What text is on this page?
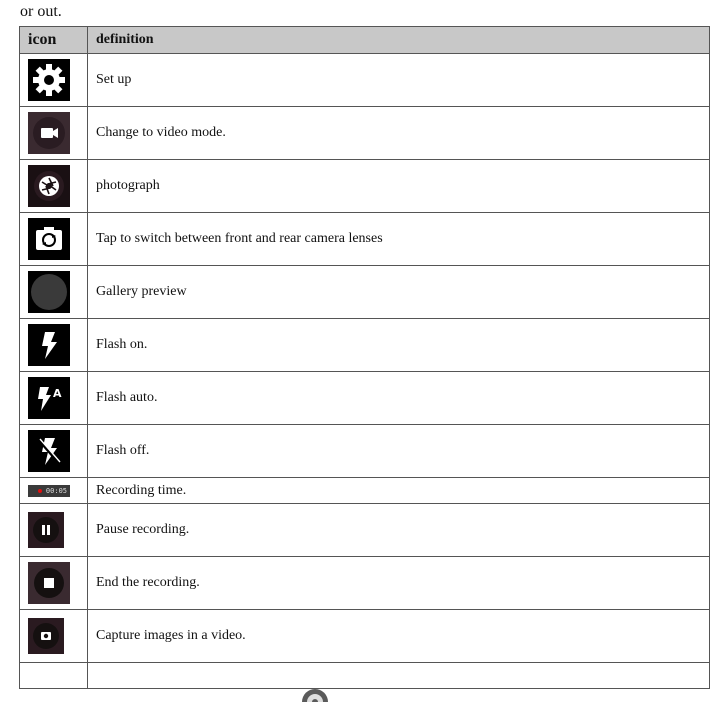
or out.
icon	definition

	Set up

	Change to video mode.

	photograph

	Tap to switch between front and rear camera lenses

	Gallery preview

	Flash on.

A	Flash auto.

	Flash off.

00:05	Recording time.

	Pause recording.

	End the recording.

	Capture images in a video.
